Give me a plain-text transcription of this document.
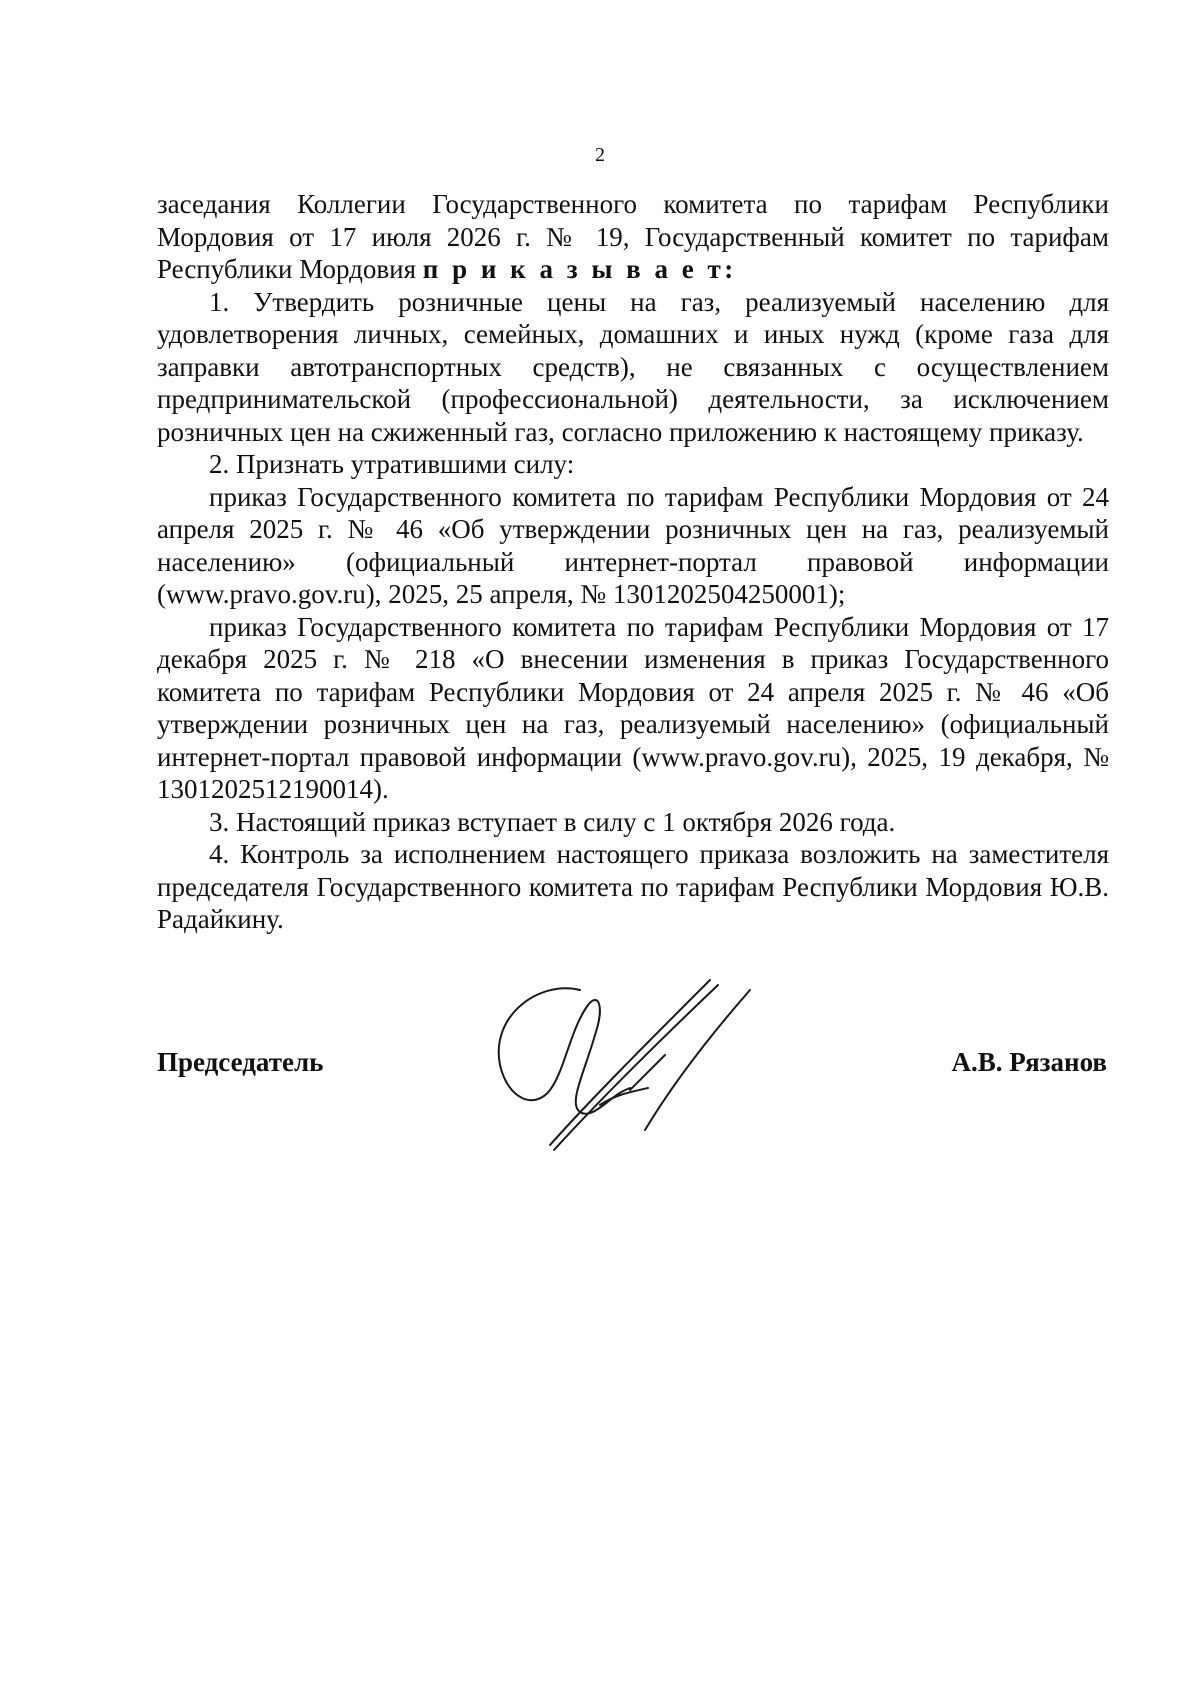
2

заседания Коллегии Государственного комитета по тарифам Республики Мордовия от 17 июля 2026 г. № 19, Государственный комитет по тарифам Республики Мордовия п р и к а з ы в а е т:

1. Утвердить розничные цены на газ, реализуемый населению для удовлетворения личных, семейных, домашних и иных нужд (кроме газа для заправки автотранспортных средств), не связанных с осуществлением предпринимательской (профессиональной) деятельности, за исключением розничных цен на сжиженный газ, согласно приложению к настоящему приказу.

2. Признать утратившими силу:

приказ Государственного комитета по тарифам Республики Мордовия от 24 апреля 2025 г. № 46 «Об утверждении розничных цен на газ, реализуемый населению» (официальный интернет-портал правовой информации (www.pravo.gov.ru), 2025, 25 апреля, № 1301202504250001);

приказ Государственного комитета по тарифам Республики Мордовия от 17 декабря 2025 г. № 218 «О внесении изменения в приказ Государственного комитета по тарифам Республики Мордовия от 24 апреля 2025 г. № 46 «Об утверждении розничных цен на газ, реализуемый населению» (официальный интернет-портал правовой информации (www.pravo.gov.ru), 2025, 19 декабря, № 1301202512190014).

3. Настоящий приказ вступает в силу с 1 октября 2026 года.

4. Контроль за исполнением настоящего приказа возложить на заместителя председателя Государственного комитета по тарифам Республики Мордовия Ю.В. Радайкину.

Председатель	А.В. Рязанов
